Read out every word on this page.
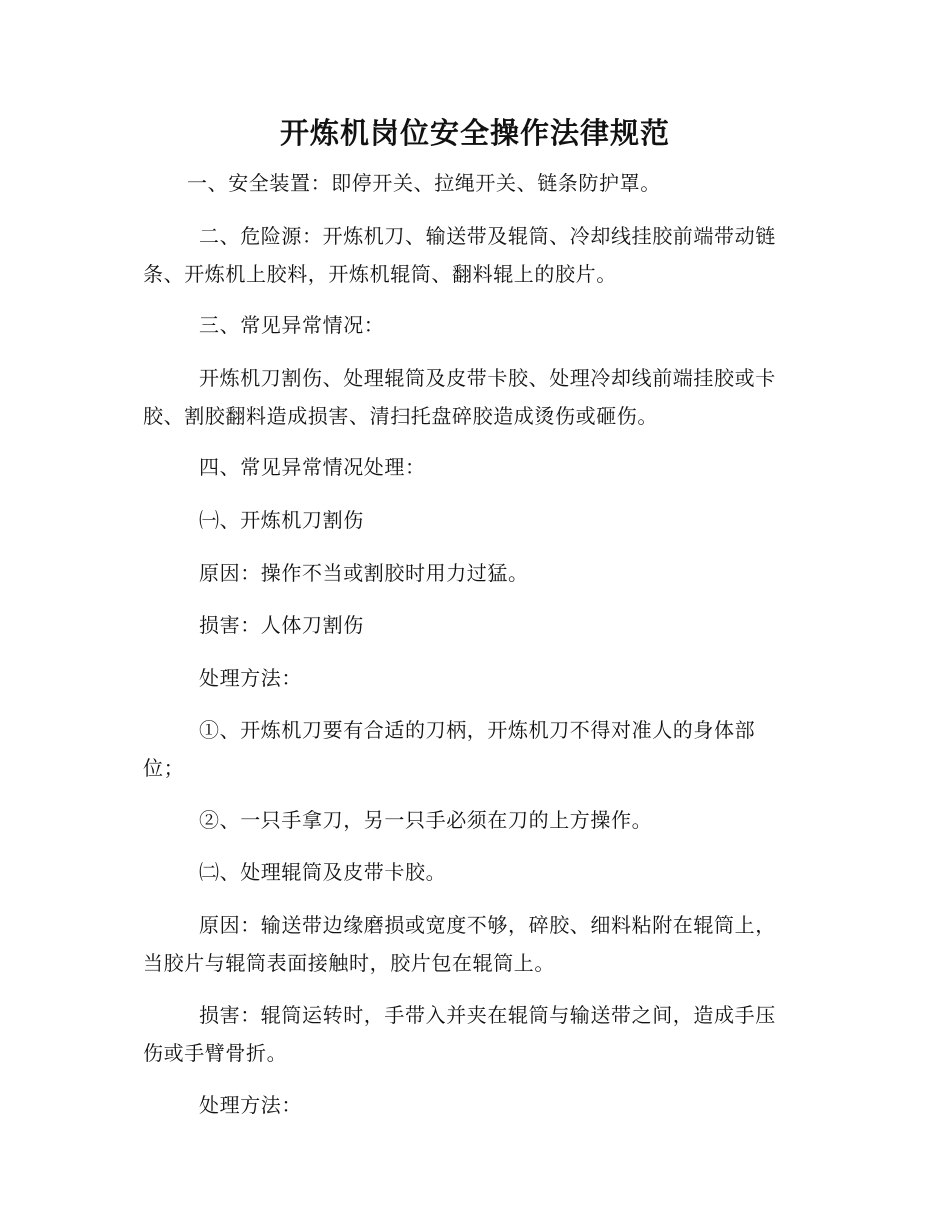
开炼机岗位安全操作法律规范
一、安全装置：即停开关、拉绳开关、链条防护罩。
二、危险源：开炼机刀、输送带及辊筒、冷却线挂胶前端带动链
条、开炼机上胶料，开炼机辊筒、翻料辊上的胶片。
三、常见异常情况：
开炼机刀割伤、处理辊筒及皮带卡胶、处理冷却线前端挂胶或卡
胶、割胶翻料造成损害、清扫托盘碎胶造成烫伤或砸伤。
四、常见异常情况处理：
㈠、开炼机刀割伤
原因：操作不当或割胶时用力过猛。
损害：人体刀割伤
处理方法：
①、开炼机刀要有合适的刀柄，开炼机刀不得对准人的身体部
位；
②、一只手拿刀，另一只手必须在刀的上方操作。
㈡、处理辊筒及皮带卡胶。
原因：输送带边缘磨损或宽度不够，碎胶、细料粘附在辊筒上，
当胶片与辊筒表面接触时，胶片包在辊筒上。
损害：辊筒运转时，手带入并夹在辊筒与输送带之间，造成手压
伤或手臂骨折。
处理方法：
